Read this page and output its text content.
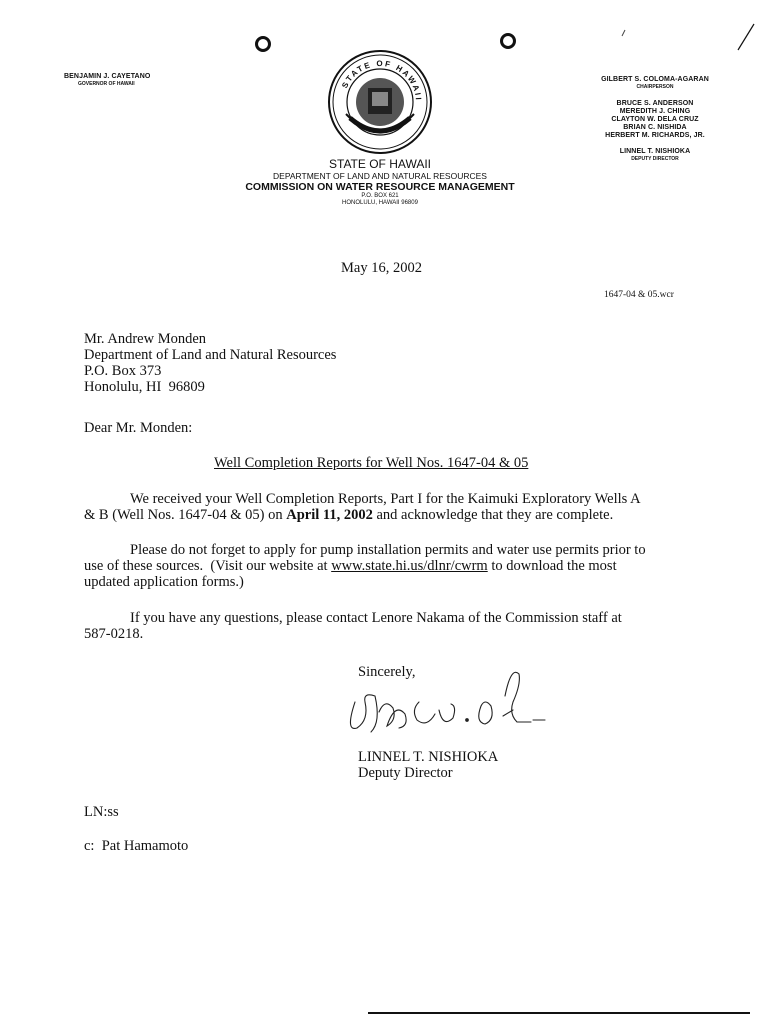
BENJAMIN J. CAYETANO
GOVERNOR OF HAWAII	STATE OF HAWAII
GILBERT S. COLOMA-AGARAN
CHAIRPERSON
BRUCE S. ANDERSON
MEREDITH J. CHING
CLAYTON W. DELA CRUZ
BRIAN C. NISHIDA
HERBERT M. RICHARDS, JR.
LINNEL T. NISHIOKA
DEPUTY DIRECTOR
STATE OF HAWAII
DEPARTMENT OF LAND AND NATURAL RESOURCES
COMMISSION ON WATER RESOURCE MANAGEMENT
P.O. BOX 621
HONOLULU, HAWAII 96809
May 16, 2002
1647-04 & 05.wcr
Mr. Andrew Monden
Department of Land and Natural Resources
P.O. Box 373
Honolulu, HI  96809
Dear Mr. Monden:
Well Completion Reports for Well Nos. 1647-04 & 05
We received your Well Completion Reports, Part I for the Kaimuki Exploratory Wells A
& B (Well Nos. 1647-04 & 05) on April 11, 2002 and acknowledge that they are complete.
Please do not forget to apply for pump installation permits and water use permits prior to
use of these sources.  (Visit our website at www.state.hi.us/dlnr/cwrm to download the most
updated application forms.)
If you have any questions, please contact Lenore Nakama of the Commission staff at
587-0218.
Sincerely,
LINNEL T. NISHIOKA
Deputy Director
LN:ss
c:  Pat Hamamoto
